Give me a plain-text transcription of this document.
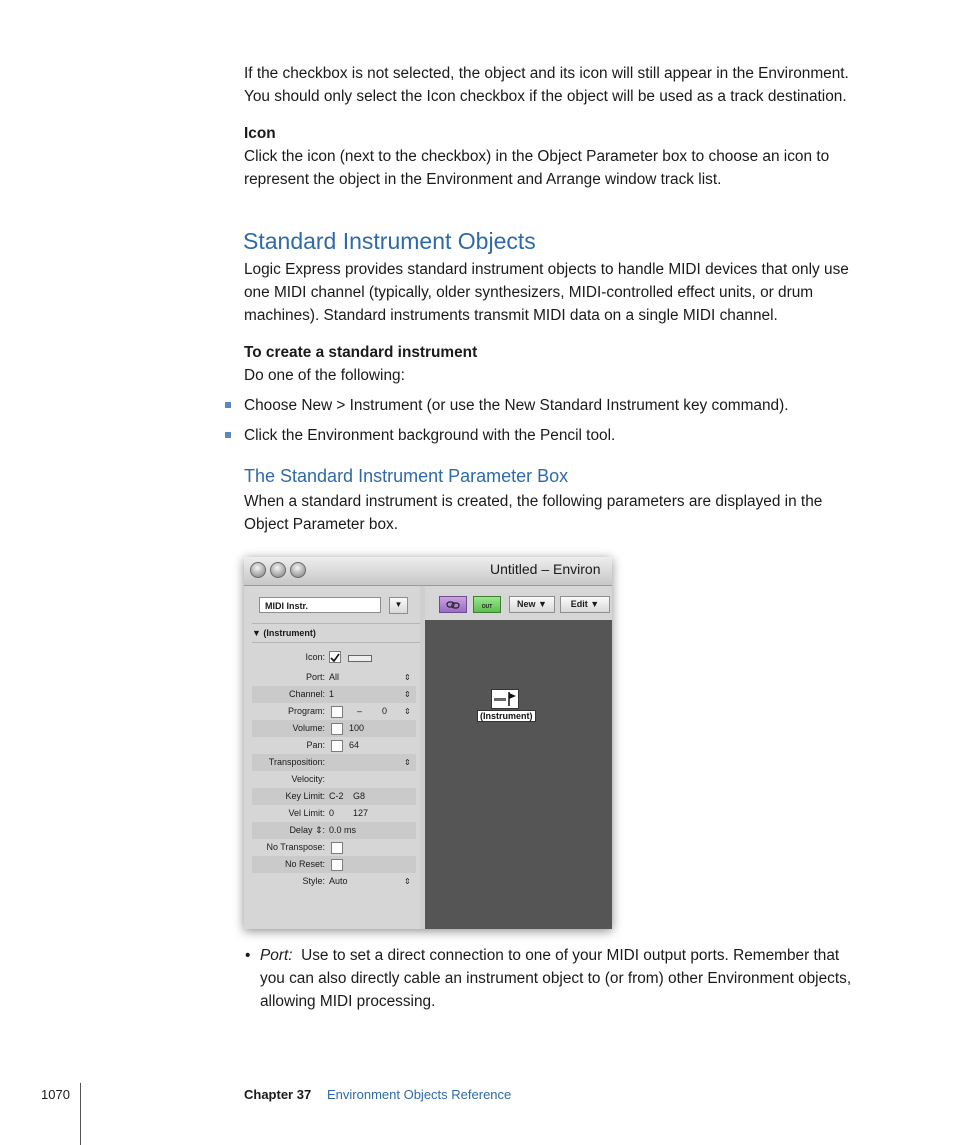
If the checkbox is not selected, the object and its icon will still appear in the Environment.

You should only select the Icon checkbox if the object will be used as a track destination.

Icon

Click the icon (next to the checkbox) in the Object Parameter box to choose an icon to

represent the object in the Environment and Arrange window track list.

Standard Instrument Objects

Logic Express provides standard instrument objects to handle MIDI devices that only use

one MIDI channel (typically, older synthesizers, MIDI-controlled effect units, or drum

machines). Standard instruments transmit MIDI data on a single MIDI channel.

To create a standard instrument

Do one of the following:

Choose New > Instrument (or use the New Standard Instrument key command).

Click the Environment background with the Pencil tool.

The Standard Instrument Parameter Box

When a standard instrument is created, the following parameters are displayed in the

Object Parameter box.

Untitled – Environ
MIDI Instr.	▼
▼ (Instrument)
Icon:
Port: All	⇕
Channel: 1	⇕
Program:	– 0 ⇕
Volume:	100
Pan:	64
Transposition:	⇕
Velocity:
Key Limit: C-2 G8
Vel Limit: 0 127
Delay ⇕: 0.0 ms
No Transpose:
No Reset:
Style: Auto	⇕
OUT	New ▼	Edit ▼
(Instrument)
• Port: Use to set a direct connection to one of your MIDI output ports. Remember that

you can also directly cable an instrument object to (or from) other Environment objects,

allowing MIDI processing.

1070	Chapter 37 Environment Objects Reference
